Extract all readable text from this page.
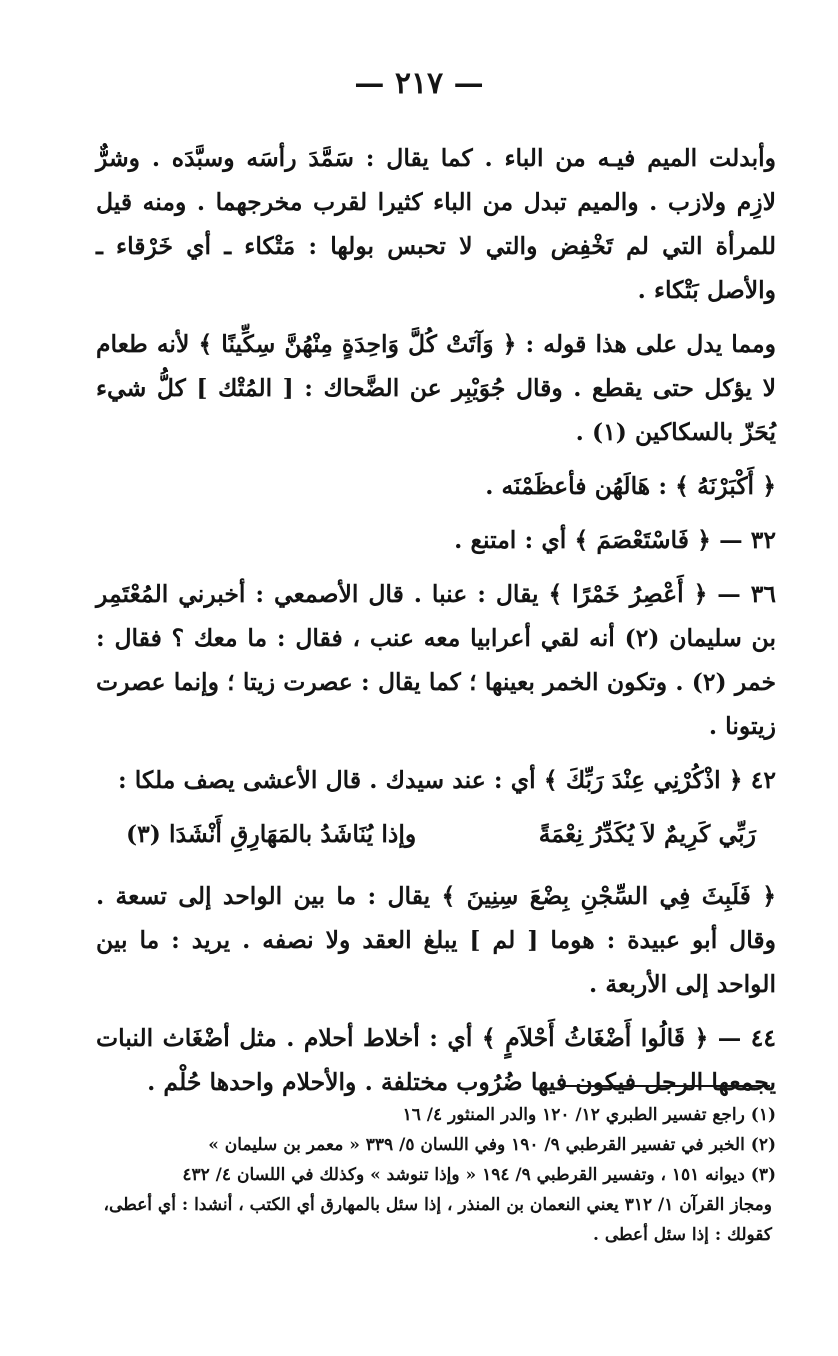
— ٢١٧ —

وأبدلت الميم فيـه من الباء . كما يقال : سَمَّدَ رأسَه وسبَّدَه . وشرٌّ لازِم ولازب . والميم تبدل من الباء كثيرا لقرب مخرجهما . ومنه قيل للمرأة التي لم تَخْفِض والتي لا تحبس بولها : مَتْكاء ـ أي خَرْقاء ـ والأصل بَتْكاء .

ومما يدل على هذا قوله : ﴿ وَآتَتْ كُلَّ وَاحِدَةٍ مِنْهُنَّ سِكِّينًا ﴾ لأنه طعام لا يؤكل حتى يقطع . وقال جُوَيْبِر عن الضَّحاك : [ المُتْك ] كلُّ شيء يُحَزّ بالسكاكين (١) .

﴿ أَكْبَرْنَهُ ﴾ : هَالَهُن فأعظَمْنَه .

٣٢ — ﴿ فَاسْتَعْصَمَ ﴾ أي : امتنع .

٣٦ — ﴿ أَعْصِرُ خَمْرًا ﴾ يقال : عنبا . قال الأصمعي : أخبرني المُعْتَمِر بن سليمان (٢) أنه لقي أعرابيا معه عنب ، فقال : ما معك ؟ فقال : خمر (٢) . وتكون الخمر بعينها ؛ كما يقال : عصرت زيتا ؛ وإنما عصرت زيتونا .

٤٢ ﴿ اذْكُرْنِي عِنْدَ رَبِّكَ ﴾ أي : عند سيدك . قال الأعشى يصف ملكا :

رَبِّي كَرِيمٌ لاَ يُكَدِّرُ نِعْمَةً
وإذا يُنَاشَدُ بالمَهَارِقِ أَنْشَدَا (٣)

﴿ فَلَبِثَ فِي السِّجْنِ بِضْعَ سِنِينَ ﴾ يقال : ما بين الواحد إلى تسعة . وقال أبو عبيدة : هوما [ لم ] يبلغ العقد ولا نصفه . يريد : ما بين الواحد إلى الأربعة .

٤٤ — ﴿ قَالُوا أَضْغَاثُ أَحْلاَمٍ ﴾ أي : أخلاط أحلام . مثل أضْغَاث النبات يجمعها الرجل فيكون فيها ضُرُوب مختلفة . والأحلام واحدها حُلْم .

(١) راجع تفسير الطبري ١٢/ ١٢٠ والدر المنثور ٤/ ١٦

(٢) الخبر في تفسير القرطبي ٩/ ١٩٠ وفي اللسان ٥/ ٣٣٩ « معمر بن سليمان »

(٣) ديوانه ١٥١ ، وتفسير القرطبي ٩/ ١٩٤ « وإذا تنوشد » وكذلك في اللسان ٤/ ٤٣٢

ومجاز القرآن ١/ ٣١٢ يعني النعمان بن المنذر ، إذا سئل بالمهارق أي الكتب ، أنشدا : أي أعطى، كقولك : إذا سئل أعطى .
